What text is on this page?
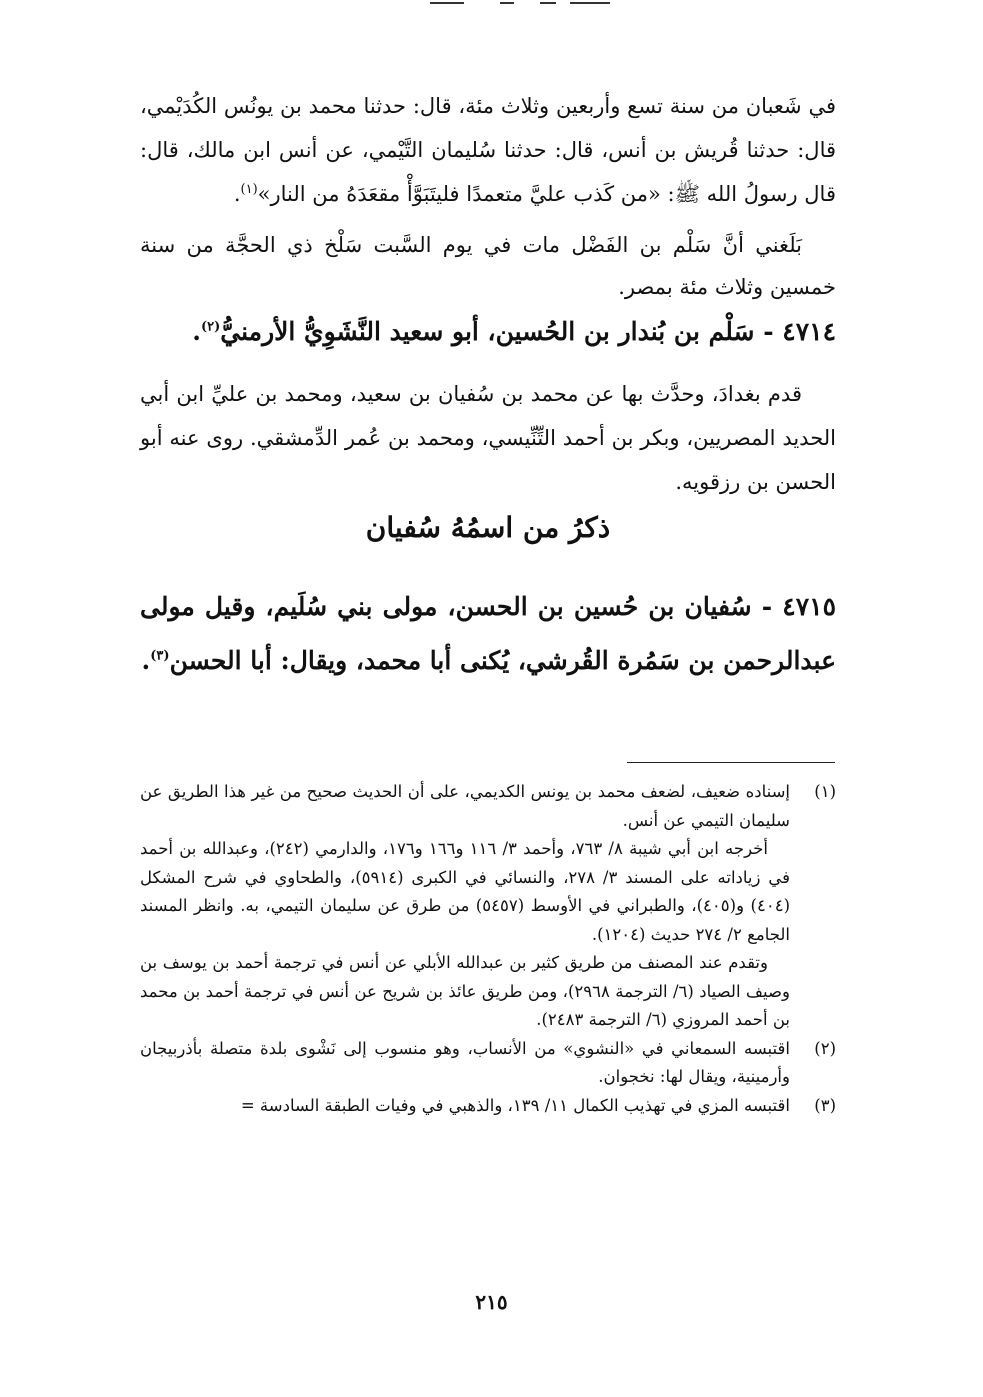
في شَعبان من سنة تسع وأربعين وثلاث مئة، قال: حدثنا محمد بن يونُس الكُدَيْمي، قال: حدثنا قُريش بن أنس، قال: حدثنا سُليمان التَّيْمي، عن أنس ابن مالك، قال: قال رسولُ الله ﷺ: «من كَذب عليَّ متعمدًا فليتَبَوَّأْ مقعَدَهُ من النار»$^{(١)}$.

بَلَغني أنَّ سَلْم بن الفَضْل مات في يوم السَّبت سَلْخ ذي الحجَّة من سنة خمسين وثلاث مئة بمصر.

٤٧١٤ - سَلْم بن بُندار بن الحُسين، أبو سعيد النَّشَوِيُّ الأرمنيُّ$^{(٢)}$.

قدم بغدادَ، وحدَّث بها عن محمد بن سُفيان بن سعيد، ومحمد بن عليِّ ابن أبي الحديد المصريين، وبكر بن أحمد التِّنِّيسي، ومحمد بن عُمر الدِّمشقي. روى عنه أبو الحسن بن رزقويه.

ذكرُ من اسمُهُ سُفيان

٤٧١٥ - سُفيان بن حُسين بن الحسن، مولى بني سُلَيم، وقيل مولى عبدالرحمن بن سَمُرة القُرشي، يُكنى أبا محمد، ويقال: أبا الحسن$^{(٣)}$.

(١)

إسناده ضعيف، لضعف محمد بن يونس الكديمي، على أن الحديث صحيح من غير هذا الطريق عن سليمان التيمي عن أنس.

أخرجه ابن أبي شيبة ٨/ ٧٦٣، وأحمد ٣/ ١١٦ و١٦٦ و١٧٦، والدارمي (٢٤٢)، وعبدالله بن أحمد في زياداته على المسند ٣/ ٢٧٨، والنسائي في الكبرى (٥٩١٤)، والطحاوي في شرح المشكل (٤٠٤) و(٤٠٥)، والطبراني في الأوسط (٥٤٥٧) من طرق عن سليمان التيمي، به. وانظر المسند الجامع ٢/ ٢٧٤ حديث (١٢٠٤).

وتقدم عند المصنف من طريق كثير بن عبدالله الأبلي عن أنس في ترجمة أحمد بن يوسف بن وصيف الصياد (٦/ الترجمة ٢٩٦٨)، ومن طريق عائذ بن شريح عن أنس في ترجمة أحمد بن محمد بن أحمد المروزي (٦/ الترجمة ٢٤٨٣).

(٢)

اقتبسه السمعاني في «النشوي» من الأنساب، وهو منسوب إلى نَشْوى بلدة متصلة بأذربيجان وأرمينية، ويقال لها: نخجوان.

(٣)

اقتبسه المزي في تهذيب الكمال ١١/ ١٣٩، والذهبي في وفيات الطبقة السادسة =

٢١٥
